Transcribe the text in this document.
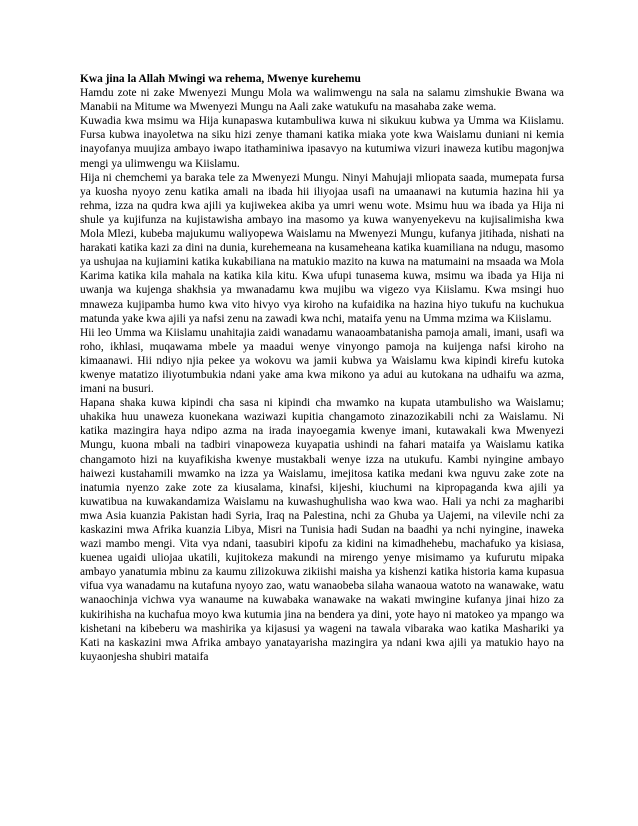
Kwa jina la Allah Mwingi wa rehema, Mwenye kurehemu

Hamdu zote ni zake Mwenyezi Mungu Mola wa walimwengu na sala na salamu zimshukie Bwana wa Manabii na Mitume wa Mwenyezi Mungu na Aali zake watukufu na masahaba zake wema.

Kuwadia kwa msimu wa Hija kunapaswa kutambuliwa kuwa ni sikukuu kubwa ya Umma wa Kiislamu. Fursa kubwa inayoletwa na siku hizi zenye thamani katika miaka yote kwa Waislamu duniani ni kemia inayofanya muujiza ambayo iwapo itathaminiwa ipasavyo na kutumiwa vizuri inaweza kutibu magonjwa mengi ya ulimwengu wa Kiislamu.

Hija ni chemchemi ya baraka tele za Mwenyezi Mungu. Ninyi Mahujaji mliopata saada, mumepata fursa ya kuosha nyoyo zenu katika amali na ibada hii iliyojaa usafi na umaanawi na kutumia hazina hii ya rehma, izza na qudra kwa ajili ya kujiwekea akiba ya umri wenu wote. Msimu huu wa ibada ya Hija ni shule ya kujifunza na kujistawisha ambayo ina masomo ya kuwa wanyenyekevu na kujisalimisha kwa Mola Mlezi, kubeba majukumu waliyopewa Waislamu na Mwenyezi Mungu, kufanya jitihada, nishati na harakati katika kazi za dini na dunia, kurehemeana na kusameheana katika kuamiliana na ndugu, masomo ya ushujaa na kujiamini katika kukabiliana na matukio mazito na kuwa na matumaini na msaada wa Mola Karima katika kila mahala na katika kila kitu. Kwa ufupi tunasema kuwa, msimu wa ibada ya Hija ni uwanja wa kujenga shakhsia ya mwanadamu kwa mujibu wa vigezo vya Kiislamu. Kwa msingi huo mnaweza kujipamba humo kwa vito hivyo vya kiroho na kufaidika na hazina hiyo tukufu na kuchukua matunda yake kwa ajili ya nafsi zenu na zawadi kwa nchi, mataifa yenu na Umma mzima wa Kiislamu.

Hii leo Umma wa Kiislamu unahitajia zaidi wanadamu wanaoambatanisha pamoja amali, imani, usafi wa roho, ikhlasi, muqawama mbele ya maadui wenye vinyongo pamoja na kuijenga nafsi kiroho na kimaanawi. Hii ndiyo njia pekee ya wokovu wa jamii kubwa ya Waislamu kwa kipindi kirefu kutoka kwenye matatizo iliyotumbukia ndani yake ama kwa mikono ya adui au kutokana na udhaifu wa azma, imani na busuri.

Hapana shaka kuwa kipindi cha sasa ni kipindi cha mwamko na kupata utambulisho wa Waislamu; uhakika huu unaweza kuonekana waziwazi kupitia changamoto zinazozikabili nchi za Waislamu. Ni katika mazingira haya ndipo azma na irada inayoegamia kwenye imani, kutawakali kwa Mwenyezi Mungu, kuona mbali na tadbiri vinapoweza kuyapatia ushindi na fahari mataifa ya Waislamu katika changamoto hizi na kuyafikisha kwenye mustakbali wenye izza na utukufu. Kambi nyingine ambayo haiwezi kustahamili mwamko na izza ya Waislamu, imejitosa katika medani kwa nguvu zake zote na inatumia nyenzo zake zote za kiusalama, kinafsi, kijeshi, kiuchumi na kipropaganda kwa ajili ya kuwatibua na kuwakandamiza Waislamu na kuwashughulisha wao kwa wao. Hali ya nchi za magharibi mwa Asia kuanzia Pakistan hadi Syria, Iraq na Palestina, nchi za Ghuba ya Uajemi, na vilevile nchi za kaskazini mwa Afrika kuanzia Libya, Misri na Tunisia hadi Sudan na baadhi ya nchi nyingine, inaweka wazi mambo mengi. Vita vya ndani, taasubiri kipofu za kidini na kimadhehebu, machafuko ya kisiasa, kuenea ugaidi uliojaa ukatili, kujitokeza makundi na mirengo yenye misimamo ya kufurutu mipaka ambayo yanatumia mbinu za kaumu zilizokuwa zikiishi maisha ya kishenzi katika historia kama kupasua vifua vya wanadamu na kutafuna nyoyo zao, watu wanaobeba silaha wanaoua watoto na wanawake, watu wanaochinja vichwa vya wanaume na kuwabaka wanawake na wakati mwingine kufanya jinai hizo za kukirihisha na kuchafua moyo kwa kutumia jina na bendera ya dini, yote hayo ni matokeo ya mpango wa kishetani na kibeberu wa mashirika ya kijasusi ya wageni na tawala vibaraka wao katika Mashariki ya Kati na kaskazini mwa Afrika ambayo yanatayarisha mazingira ya ndani kwa ajili ya matukio hayo na kuyaonjesha shubiri mataifa
